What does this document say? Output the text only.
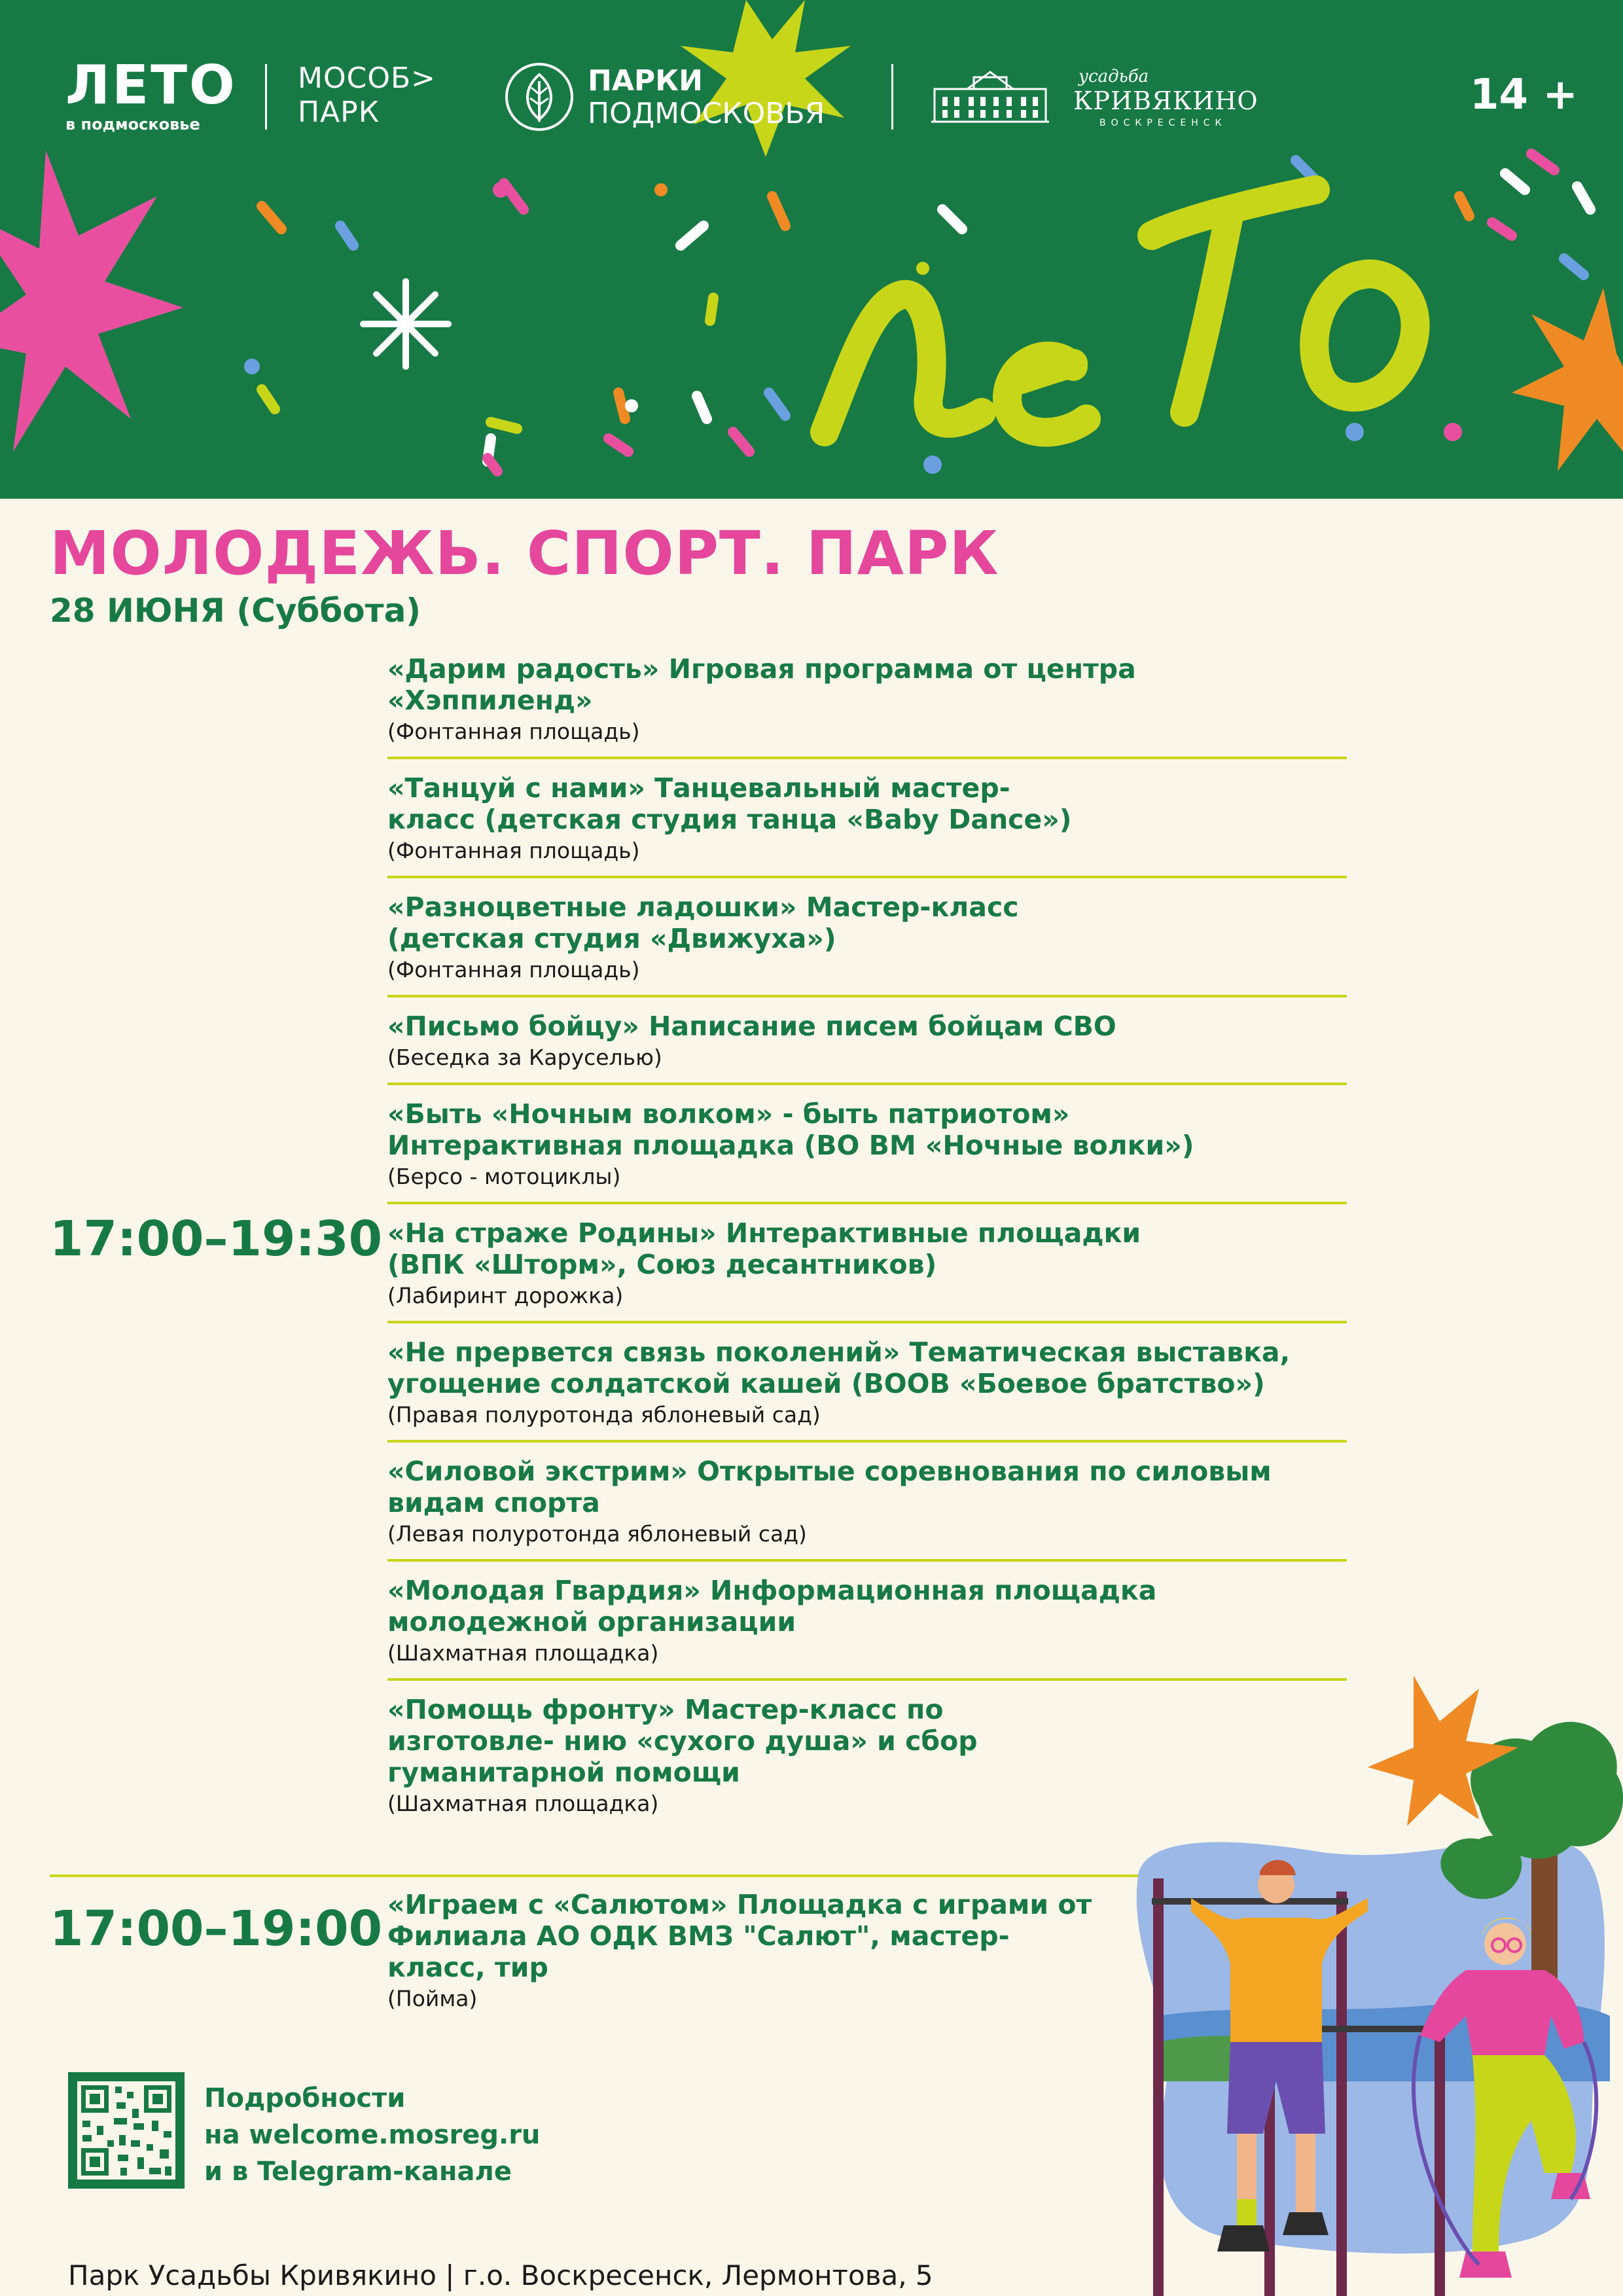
лето
ЛЕТО
в подмосковье
МОСОБ>
ПАРК
ПАРКИ
ПОДМОСКОВЬЯ
усадьба
КРИВЯКИНО
ВОСКРЕСЕНСК
14 +
МОЛОДЕЖЬ. СПОРТ. ПАРК
28 ИЮНЯ (Суббота)
17:00–19:30
«Дарим радость» Игровая программа от центра «Хэппиленд»
(Фонтанная площадь)
«Танцуй с нами» Танцевальный мастер-класс (детская студия танца «Baby Dance»)
(Фонтанная площадь)
«Разноцветные ладошки» Мастер-класс (детская студия «Движуха»)
(Фонтанная площадь)
«Письмо бойцу» Написание писем бойцам СВО
(Беседка за Каруселью)
«Быть «Ночным волком» - быть патриотом» Интерактивная площадка (ВО ВМ «Ночные волки»)
(Берсо - мотоциклы)
«На страже Родины» Интерактивные площадки (ВПК «Шторм», Союз десантников)
(Лабиринт дорожка)
«Не прервется связь поколений» Тематическая выставка, угощение солдатской кашей (ВООВ «Боевое братство»)
(Правая полуротонда яблоневый сад)
«Силовой экстрим» Открытые соревнования по силовым видам спорта
(Левая полуротонда яблоневый сад)
«Молодая Гвардия» Информационная площадка молодежной организации
(Шахматная площадка)
«Помощь фронту» Мастер-класс по изготовле- нию «сухого душа» и сбор гуманитарной помощи
(Шахматная площадка)
17:00–19:00 «Играем с «Салютом» Площадка с играми от Филиала АО ОДК ВМЗ "Салют", мастер-класс, тир
(Пойма)
Подробности
на welcome.mosreg.ru
и в Telegram-канале
Парк Усадьбы Кривякино | г.о. Воскресенск, Лермонтова, 5
